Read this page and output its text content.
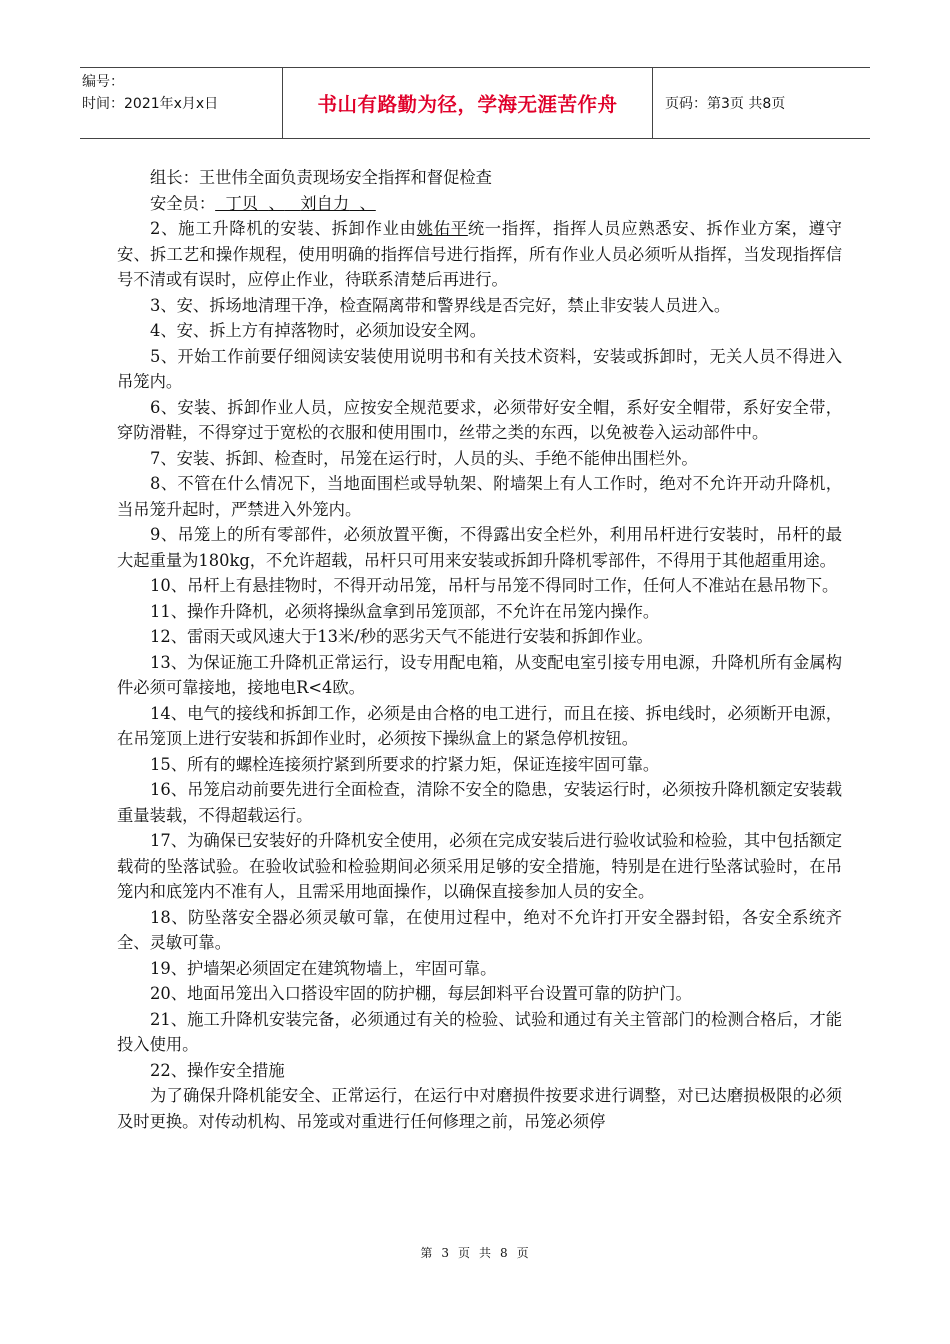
编号：
时间：2021年x月x日	书山有路勤为径，学海无涯苦作舟	页码：第3页 共8页

组长：王世伟全面负责现场安全指挥和督促检查

安全员： 丁贝 、 刘自力 、

2、施工升降机的安装、拆卸作业由姚佑平统一指挥，指挥人员应熟悉安、拆作业方案，遵守安、拆工艺和操作规程，使用明确的指挥信号进行指挥，所有作业人员必须听从指挥，当发现指挥信号不清或有误时，应停止作业，待联系清楚后再进行。

3、安、拆场地清理干净，检查隔离带和警界线是否完好，禁止非安装人员进入。

4、安、拆上方有掉落物时，必须加设安全网。

5、开始工作前要仔细阅读安装使用说明书和有关技术资料，安装或拆卸时，无关人员不得进入吊笼内。

6、安装、拆卸作业人员，应按安全规范要求，必须带好安全帽，系好安全帽带，系好安全带，穿防滑鞋，不得穿过于宽松的衣服和使用围巾，丝带之类的东西，以免被卷入运动部件中。

7、安装、拆卸、检查时，吊笼在运行时，人员的头、手绝不能伸出围栏外。

8、不管在什么情况下，当地面围栏或导轨架、附墙架上有人工作时，绝对不允许开动升降机，当吊笼升起时，严禁进入外笼内。

9、吊笼上的所有零部件，必须放置平衡，不得露出安全栏外，利用吊杆进行安装时，吊杆的最大起重量为180kg，不允许超载，吊杆只可用来安装或拆卸升降机零部件，不得用于其他超重用途。

10、吊杆上有悬挂物时，不得开动吊笼，吊杆与吊笼不得同时工作，任何人不准站在悬吊物下。

11、操作升降机，必须将操纵盒拿到吊笼顶部，不允许在吊笼内操作。

12、雷雨天或风速大于13米/秒的恶劣天气不能进行安装和拆卸作业。

13、为保证施工升降机正常运行，设专用配电箱，从变配电室引接专用电源，升降机所有金属构件必须可靠接地，接地电R<4欧。

14、电气的接线和拆卸工作，必须是由合格的电工进行，而且在接、拆电线时，必须断开电源，在吊笼顶上进行安装和拆卸作业时，必须按下操纵盒上的紧急停机按钮。

15、所有的螺栓连接须拧紧到所要求的拧紧力矩，保证连接牢固可靠。

16、吊笼启动前要先进行全面检查，清除不安全的隐患，安装运行时，必须按升降机额定安装载重量装载，不得超载运行。

17、为确保已安装好的升降机安全使用，必须在完成安装后进行验收试验和检验，其中包括额定载荷的坠落试验。在验收试验和检验期间必须采用足够的安全措施，特别是在进行坠落试验时，在吊笼内和底笼内不准有人，且需采用地面操作，以确保直接参加人员的安全。

18、防坠落安全器必须灵敏可靠，在使用过程中，绝对不允许打开安全器封铅，各安全系统齐全、灵敏可靠。

19、护墙架必须固定在建筑物墙上，牢固可靠。

20、地面吊笼出入口搭设牢固的防护棚，每层卸料平台设置可靠的防护门。

21、施工升降机安装完备，必须通过有关的检验、试验和通过有关主管部门的检测合格后，才能投入使用。

22、操作安全措施

为了确保升降机能安全、正常运行，在运行中对磨损件按要求进行调整，对已达磨损极限的必须及时更换。对传动机构、吊笼或对重进行任何修理之前，吊笼必须停

第 3 页 共 8 页
